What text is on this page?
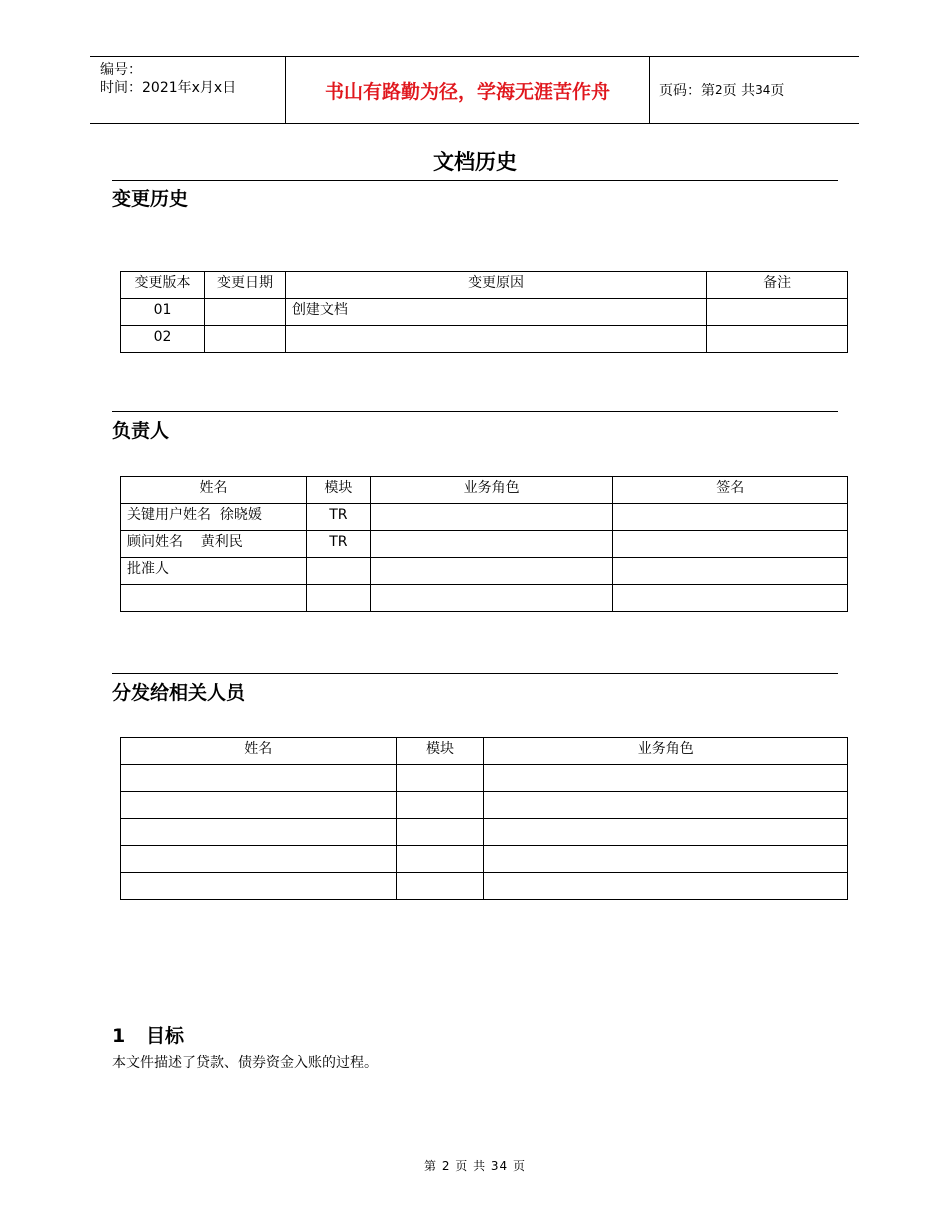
编号：
时间：2021年x月x日	书山有路勤为径，学海无涯苦作舟	页码：第 2 页 共 34 页
文档历史
变更历史
变更版本	变更日期	变更原因	备注
01		创建文档	
02			
负责人
姓名	模块	业务角色	签名
关键用户姓名  徐晓媛	TR		
顾问姓名    黄利民	TR		
批准人			

分发给相关人员
姓名	模块	业务角色

1 目标
本文件描述了贷款、债券资金入账的过程。
第 2 页 共 34 页
